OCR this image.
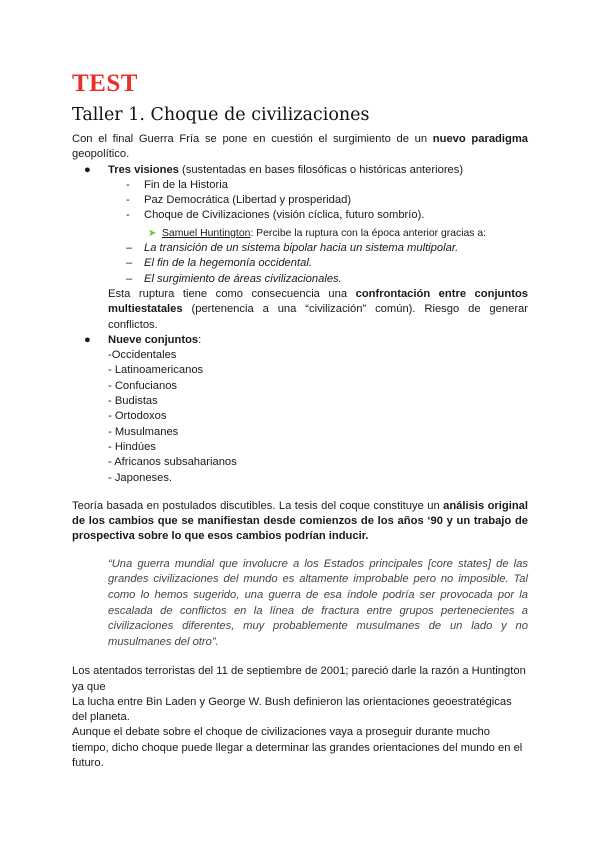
TEST
Taller 1. Choque de civilizaciones

Con el final Guerra Fría se pone en cuestión el surgimiento de un nuevo paradigma geopolítico.

● Tres visiones (sustentadas en bases filosóficas o históricas anteriores)
- Fin de la Historia
- Paz Democrática (Libertad y prosperidad)
- Choque de Civilizaciones (visión cíclica, futuro sombrío).
➤ Samuel Huntington: Percibe la ruptura con la época anterior gracias a:
– La transición de un sistema bipolar hacia un sistema multipolar.
– El fin de la hegemonía occidental.
– El surgimiento de áreas civilizacionales.

Esta ruptura tiene como consecuencia una confrontación entre conjuntos multiestatales (pertenencia a una “civilización” común). Riesgo de generar conflictos.

● Nueve conjuntos:
-Occidentales
- Latinoamericanos
- Confucianos
- Budistas
- Ortodoxos
- Musulmanes
- Hindúes
- Africanos subsaharianos
- Japoneses.

Teoría basada en postulados discutibles. La tesis del coque constituye un análisis original de los cambios que se manifiestan desde comienzos de los años ‘90 y un trabajo de prospectiva sobre lo que esos cambios podrían inducir.

“Una guerra mundial que involucre a los Estados principales [core states] de las grandes civilizaciones del mundo es altamente improbable pero no imposible. Tal como lo hemos sugerido, una guerra de esa índole podría ser provocada por la escalada de conflictos en la línea de fractura entre grupos pertenecientes a civilizaciones diferentes, muy probablemente musulmanes de un lado y no musulmanes del otro”.

Los atentados terroristas del 11 de septiembre de 2001; pareció darle la razón a Huntington ya que

La lucha entre Bin Laden y George W. Bush definieron las orientaciones geoestratégicas del planeta.

Aunque el debate sobre el choque de civilizaciones vaya a proseguir durante mucho tiempo, dicho choque puede llegar a determinar las grandes orientaciones del mundo en el futuro.
